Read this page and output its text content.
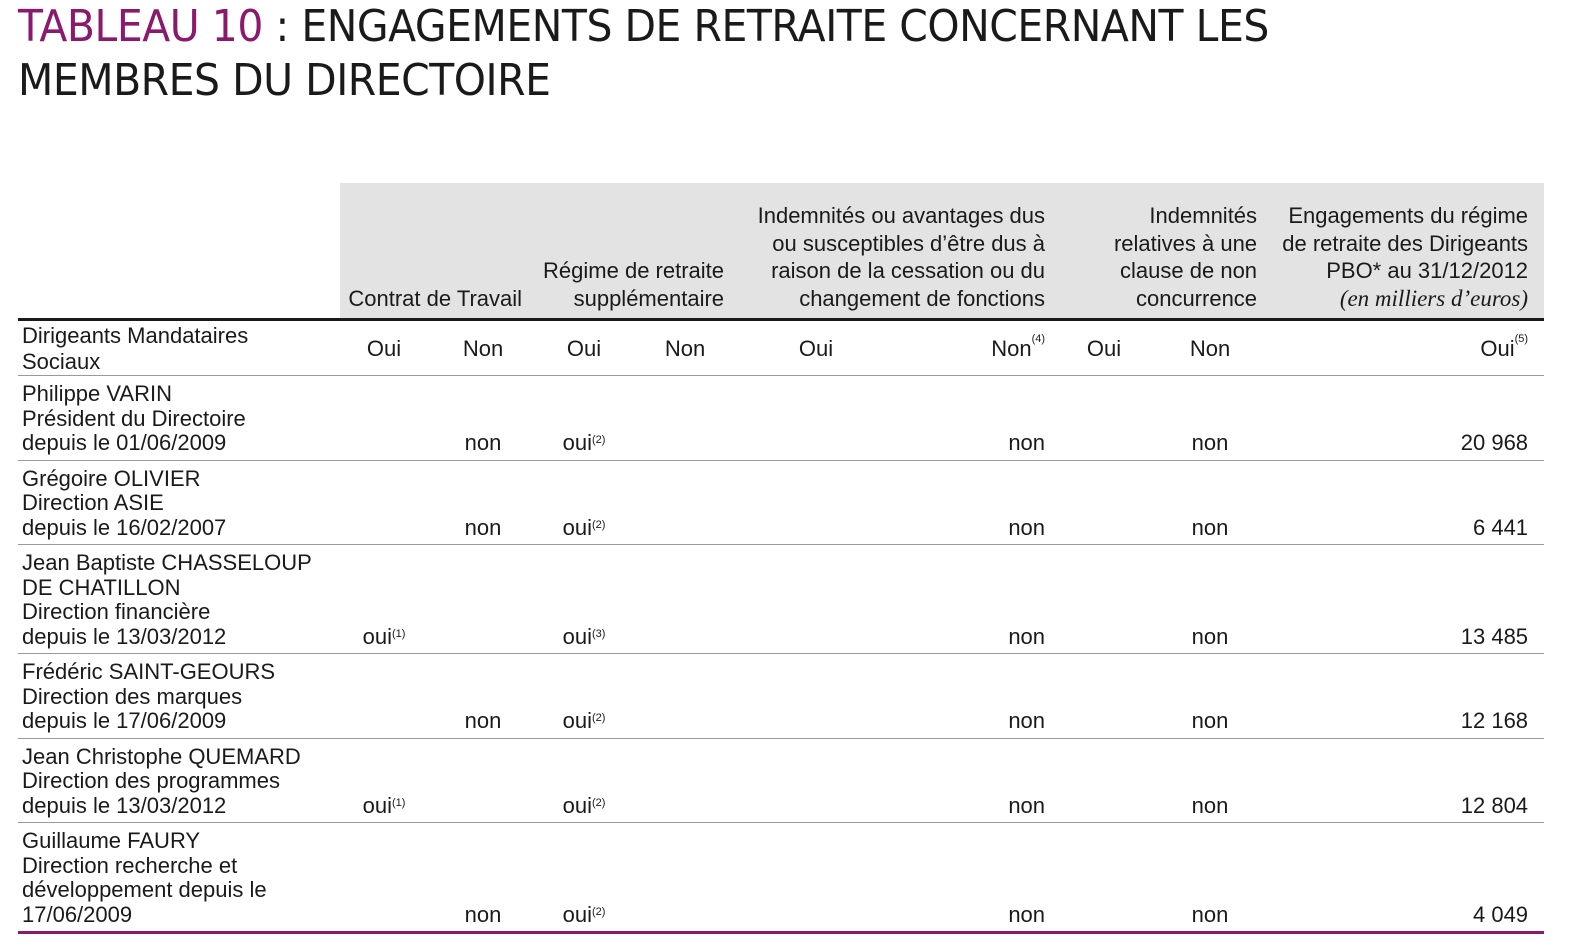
TABLEAU 10 : ENGAGEMENTS DE RETRAITE CONCERNANT LES MEMBRES DU DIRECTOIRE
	Contrat de Travail		Régime de retraite supplémentaire		Indemnités ou avantages dus ou susceptibles d’être dus à raison de la cessation ou du changement de fonctions		Indemnités relatives à une clause de non concurrence		Engagements du régime de retraite des Dirigeants PBO* au 31/12/2012
(en milliers d’euros)
Dirigeants Mandataires Sociaux	Oui	Non	Oui	Non	Oui	Non$^{(4)}$	Oui	Non	Oui$^{(5)}$
Philippe VARIN
Président du Directoire
depuis le 01/06/2009		non	oui$^{(2)}$			non		non	20 968
Grégoire OLIVIER
Direction ASIE
depuis le 16/02/2007		non	oui$^{(2)}$			non		non	6 441
Jean Baptiste CHASSELOUP
DE CHATILLON
Direction financière
depuis le 13/03/2012	oui$^{(1)}$		oui$^{(3)}$			non		non	13 485
Frédéric SAINT-GEOURS
Direction des marques
depuis le 17/06/2009		non	oui$^{(2)}$			non		non	12 168
Jean Christophe QUEMARD
Direction des programmes
depuis le 13/03/2012	oui$^{(1)}$		oui$^{(2)}$			non		non	12 804
Guillaume FAURY
Direction recherche et
développement depuis le
17/06/2009		non	oui$^{(2)}$			non		non	4 049
